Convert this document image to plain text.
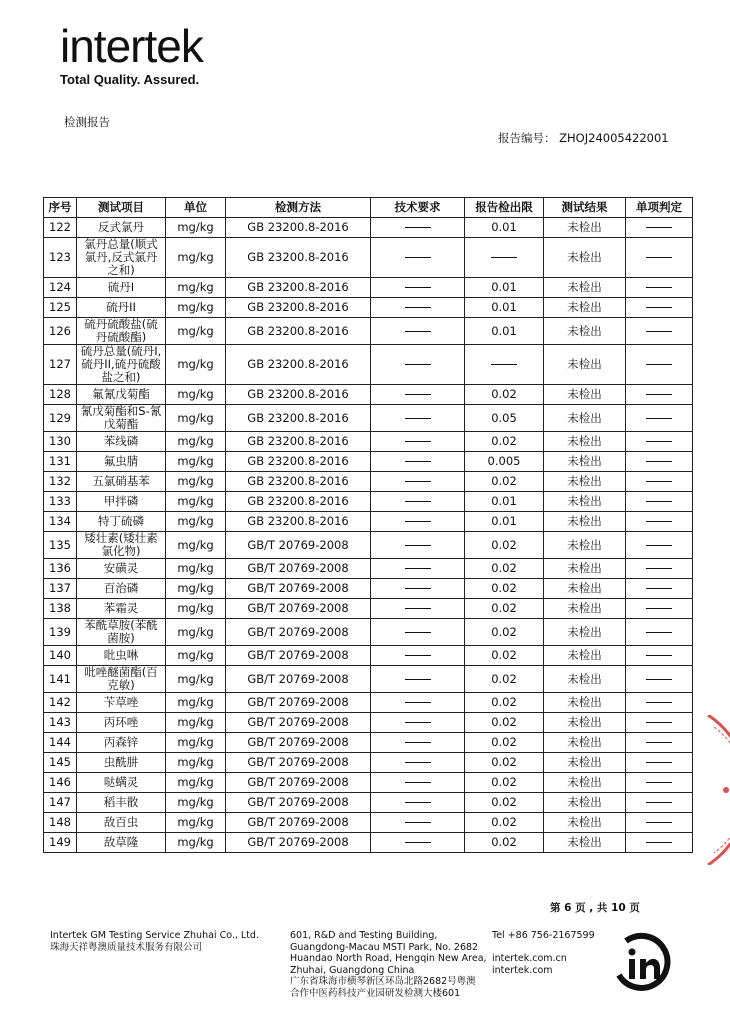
intertek
Total Quality. Assured.
检测报告
报告编号： ZHOJ24005422001
序号	测试项目	单位	检测方法	技术要求	报告检出限	测试结果	单项判定
122	反式氯丹	mg/kg	GB 23200.8-2016		0.01	未检出	
123	氯丹总量(顺式氯丹,反式氯丹之和)	mg/kg	GB 23200.8-2016			未检出	
124	硫丹I	mg/kg	GB 23200.8-2016		0.01	未检出	
125	硫丹II	mg/kg	GB 23200.8-2016		0.01	未检出	
126	硫丹硫酸盐(硫丹硫酸酯)	mg/kg	GB 23200.8-2016		0.01	未检出	
127	硫丹总量(硫丹I,硫丹II,硫丹硫酸盐之和)	mg/kg	GB 23200.8-2016			未检出	
128	氟氰戊菊酯	mg/kg	GB 23200.8-2016		0.02	未检出	
129	氰戊菊酯和S-氰戊菊酯	mg/kg	GB 23200.8-2016		0.05	未检出	
130	苯线磷	mg/kg	GB 23200.8-2016		0.02	未检出	
131	氟虫腈	mg/kg	GB 23200.8-2016		0.005	未检出	
132	五氯硝基苯	mg/kg	GB 23200.8-2016		0.02	未检出	
133	甲拌磷	mg/kg	GB 23200.8-2016		0.01	未检出	
134	特丁硫磷	mg/kg	GB 23200.8-2016		0.01	未检出	
135	矮壮素(矮壮素氯化物)	mg/kg	GB/T 20769-2008		0.02	未检出	
136	安磺灵	mg/kg	GB/T 20769-2008		0.02	未检出	
137	百治磷	mg/kg	GB/T 20769-2008		0.02	未检出	
138	苯霜灵	mg/kg	GB/T 20769-2008		0.02	未检出	
139	苯酰草胺(苯酰菌胺)	mg/kg	GB/T 20769-2008		0.02	未检出	
140	吡虫啉	mg/kg	GB/T 20769-2008		0.02	未检出	
141	吡唑醚菌酯(百克敏)	mg/kg	GB/T 20769-2008		0.02	未检出	
142	苄草唑	mg/kg	GB/T 20769-2008		0.02	未检出	
143	丙环唑	mg/kg	GB/T 20769-2008		0.02	未检出	
144	丙森锌	mg/kg	GB/T 20769-2008		0.02	未检出	
145	虫酰肼	mg/kg	GB/T 20769-2008		0.02	未检出	
146	哒螨灵	mg/kg	GB/T 20769-2008		0.02	未检出	
147	稻丰散	mg/kg	GB/T 20769-2008		0.02	未检出	
148	敌百虫	mg/kg	GB/T 20769-2008		0.02	未检出	
149	敌草隆	mg/kg	GB/T 20769-2008		0.02	未检出	
第 6 页 , 共 10 页
Intertek GM Testing Service Zhuhai Co., Ltd.
珠海天祥粤澳质量技术服务有限公司
601, R&D and Testing Building,
Guangdong-Macau MSTI Park, No. 2682
Huandao North Road, Hengqin New Area,
Zhuhai, Guangdong China
广东省珠海市横琴新区环岛北路2682号粤澳
合作中医药科技产业园研发检测大楼601
Tel +86 756-2167599
intertek.com.cn
intertek.com
